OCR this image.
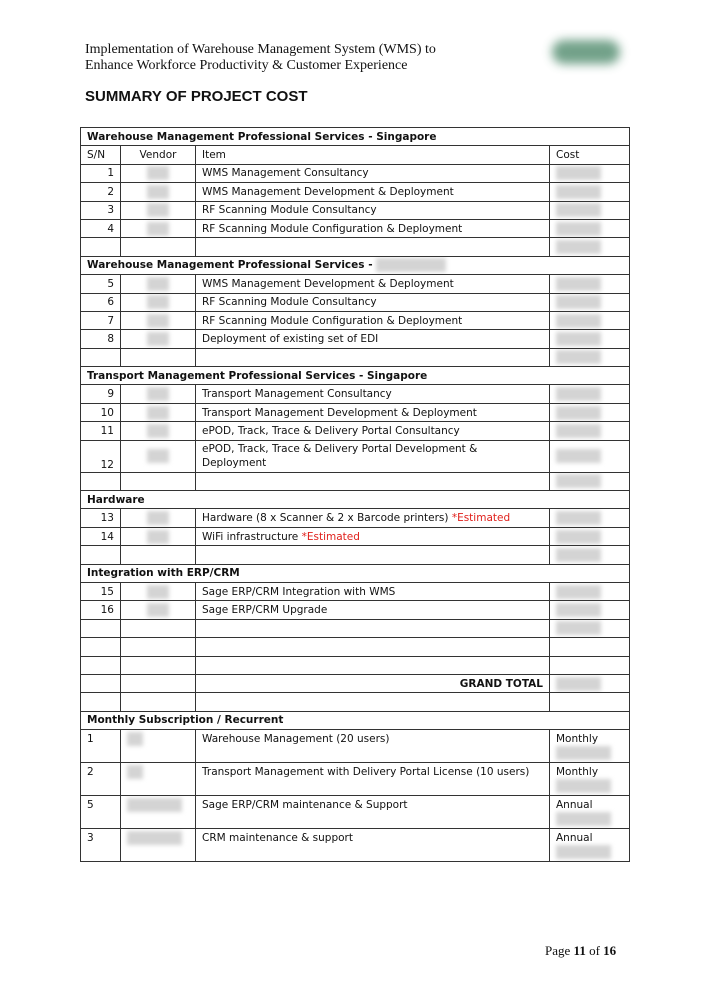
Implementation of Warehouse Management System (WMS) to
Enhance Workforce Productivity & Customer Experience
SUMMARY OF PROJECT COST
Warehouse Management Professional Services - Singapore			
S/N	Vendor	Item	Cost
1		WMS Management Consultancy	
2		WMS Management Development & Deployment	
3		RF Scanning Module Consultancy	
4		RF Scanning Module Configuration & Deployment	

Warehouse Management Professional Services -			
5		WMS Management Development & Deployment	
6		RF Scanning Module Consultancy	
7		RF Scanning Module Configuration & Deployment	
8		Deployment of existing set of EDI	

Transport Management Professional Services - Singapore			
9		Transport Management Consultancy	
10		Transport Management Development & Deployment	
11		ePOD, Track, Trace & Delivery Portal Consultancy	
12		ePOD, Track, Trace & Delivery Portal Development & Deployment	

Hardware			
13		Hardware (8 x Scanner & 2 x Barcode printers) *Estimated	
14		WiFi infrastructure *Estimated	

Integration with ERP/CRM			
15		Sage ERP/CRM Integration with WMS	
16		Sage ERP/CRM Upgrade	

		GRAND TOTAL	

Monthly Subscription / Recurrent			
1		Warehouse Management (20 users)	Monthly

2		Transport Management with Delivery Portal License (10 users)	Monthly

5		Sage ERP/CRM maintenance & Support	Annual

3		CRM maintenance & support	Annual
Page 11 of 16
